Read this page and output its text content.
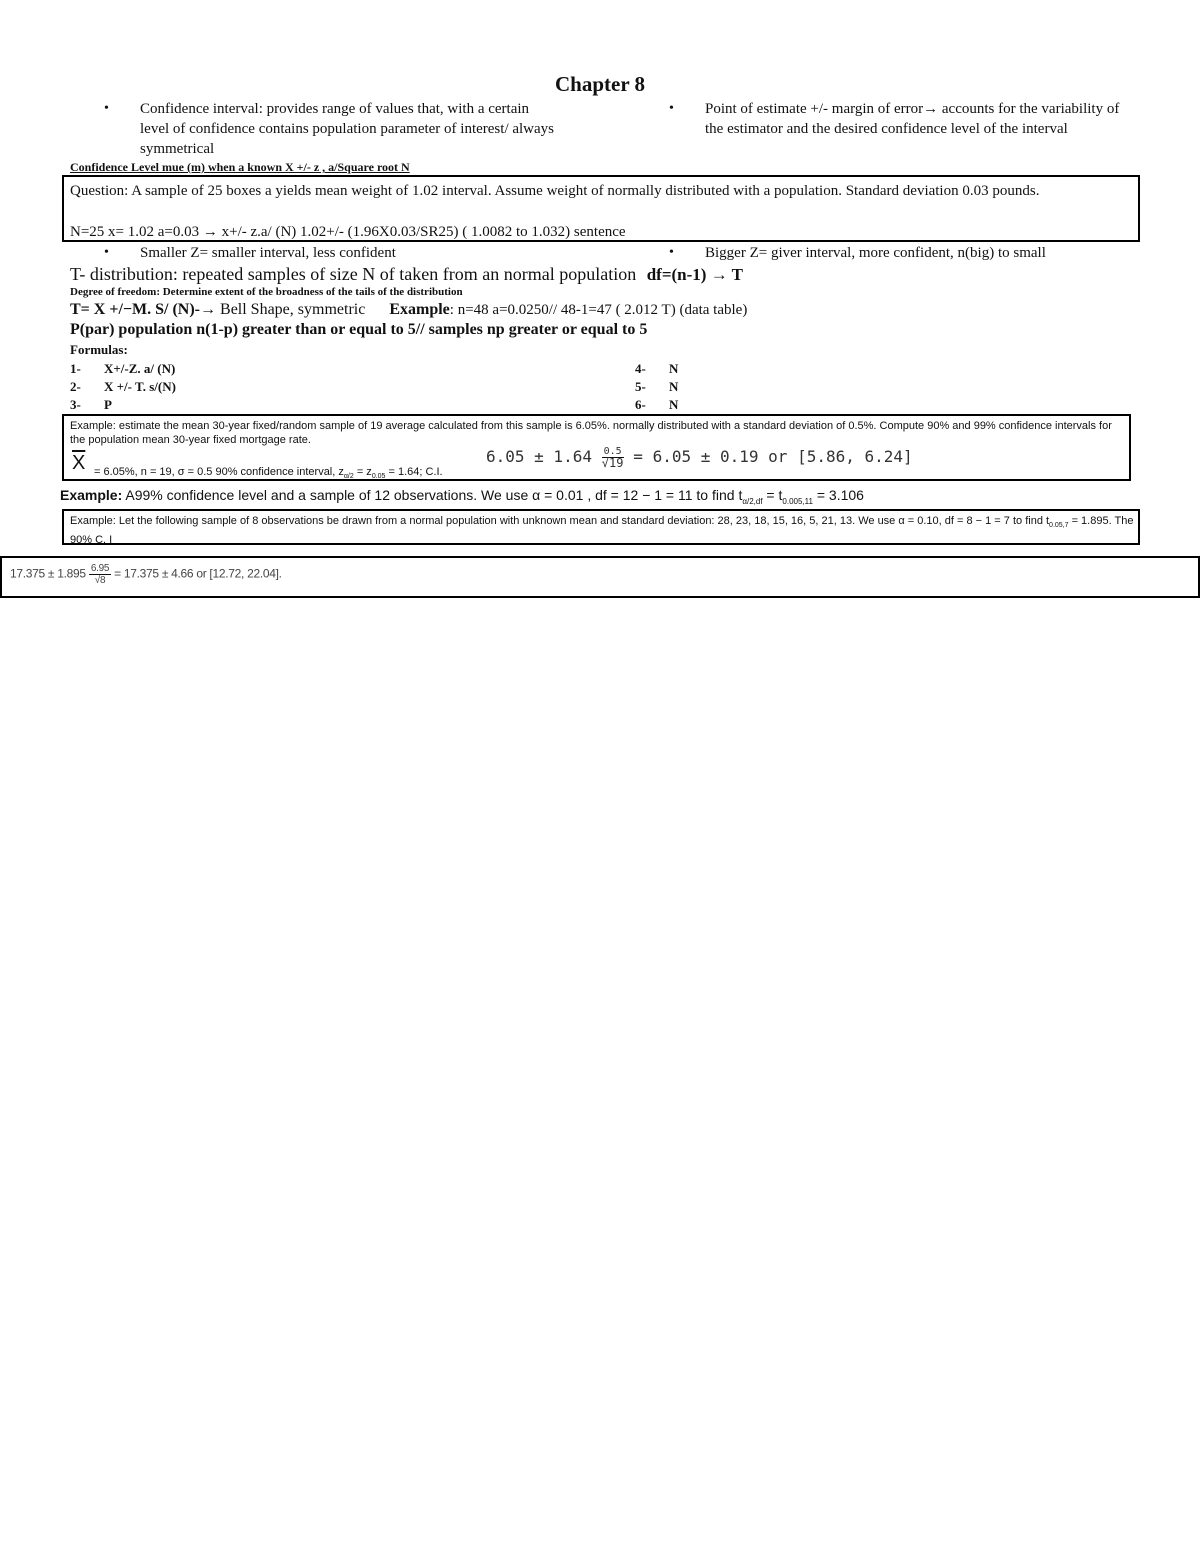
Chapter 8
• Confidence interval: provides range of values that, with a certain level of confidence contains population parameter of interest/ always symmetrical
• Point of estimate +/- margin of error→ accounts for the variability of the estimator and the desired confidence level of the interval
Confidence Level mue (m) when a known X +/- z , a/Square root N
Question: A sample of 25 boxes a yields mean weight of 1.02 interval. Assume weight of normally distributed with a population. Standard deviation 0.03 pounds.
N=25 x= 1.02 a=0.03 → x+/- z.a/ (N) 1.02+/- (1.96X0.03/SR25) ( 1.0082 to 1.032) sentence
• Smaller Z= smaller interval, less confident	• Bigger Z= giver interval, more confident, n(big) to small
T- distribution: repeated samples of size N of taken from an normal population df=(n-1) → T
Degree of freedom: Determine extent of the broadness of the tails of the distribution
T= X +/−M. S/ (N)-→ Bell Shape, symmetric Example: n=48 a=0.0250// 48-1=47 ( 2.012 T) (data table)
P(par) population n(1-p) greater than or equal to 5// samples np greater or equal to 5
Formulas:
1- X+/-Z. a/ (N)
2- X +/- T. s/(N)
3- P
4- N
5- N
6- N
Example: estimate the mean 30-year fixed/random sample of 19 average calculated from this sample is 6.05%. normally distributed with a standard deviation of 0.5%. Compute 90% and 99% confidence intervals for the population mean 30-year fixed mortgage rate.
$\overline{X} = 6.05\%$, n = 19, σ = 0.5 90% confidence interval, $z_{\alpha/2} = z_{0.05} = 1.64$; C.I.
$6.05 \pm 1.64 \frac{0.5}{√19} = 6.05 \pm 0.19$ or [5.86, 6.24]
Example: A99% confidence level and a sample of 12 observations. We use α = 0.01 , df = 12 − 1 = 11 to find $t_{\alpha/2,df} = t_{0.005,11} = 3.106$
Example: Let the following sample of 8 observations be drawn from a normal population with unknown mean and standard deviation: 28, 23, 18, 15, 16, 5, 21, 13. We use α = 0.10, df = 8 − 1 = 7 to find $t_{0.05,7} = 1.895$. The 90% C. I
$17.375 \pm 1.895 \frac{6.95}{√8} = 17.375 \pm 4.66$ or [12.72, 22.04].
